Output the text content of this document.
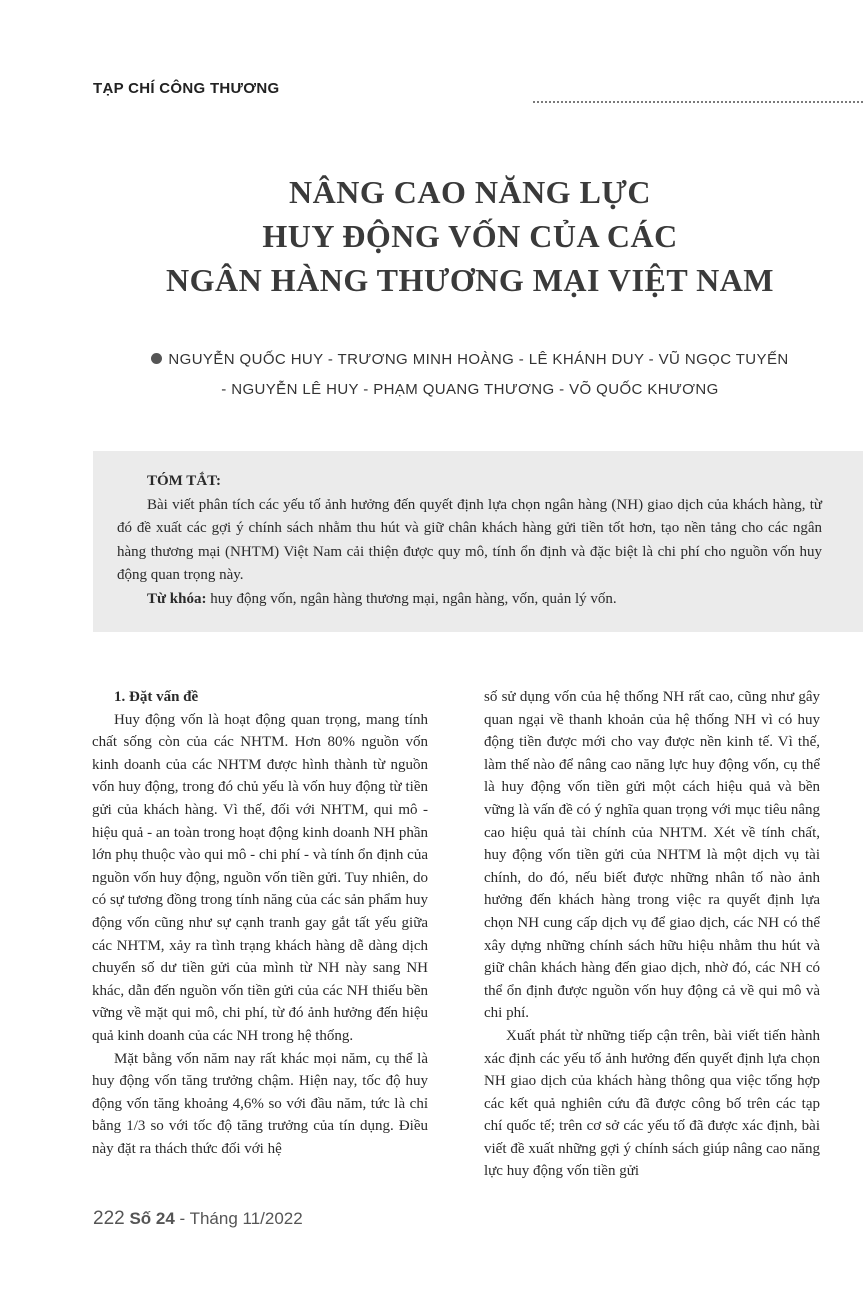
TẠP CHÍ CÔNG THƯƠNG
NÂNG CAO NĂNG LỰC
HUY ĐỘNG VỐN CỦA CÁC
NGÂN HÀNG THƯƠNG MẠI VIỆT NAM
NGUYỄN QUỐC HUY - TRƯƠNG MINH HOÀNG - LÊ KHÁNH DUY - VŨ NGỌC TUYẾN
- NGUYỄN LÊ HUY - PHẠM QUANG THƯƠNG - VÕ QUỐC KHƯƠNG
TÓM TẮT:

Bài viết phân tích các yếu tố ảnh hưởng đến quyết định lựa chọn ngân hàng (NH) giao dịch của khách hàng, từ đó đề xuất các gợi ý chính sách nhằm thu hút và giữ chân khách hàng gửi tiền tốt hơn, tạo nền tảng cho các ngân hàng thương mại (NHTM) Việt Nam cải thiện được quy mô, tính ổn định và đặc biệt là chi phí cho nguồn vốn huy động quan trọng này.

Từ khóa: huy động vốn, ngân hàng thương mại, ngân hàng, vốn, quản lý vốn.

1. Đặt vấn đề

Huy động vốn là hoạt động quan trọng, mang tính chất sống còn của các NHTM. Hơn 80% nguồn vốn kinh doanh của các NHTM được hình thành từ nguồn vốn huy động, trong đó chủ yếu là vốn huy động từ tiền gửi của khách hàng. Vì thế, đối với NHTM, qui mô - hiệu quả - an toàn trong hoạt động kinh doanh NH phần lớn phụ thuộc vào qui mô - chi phí - và tính ổn định của nguồn vốn huy động, nguồn vốn tiền gửi. Tuy nhiên, do có sự tương đồng trong tính năng của các sản phẩm huy động vốn cũng như sự cạnh tranh gay gắt tất yếu giữa các NHTM, xảy ra tình trạng khách hàng dễ dàng dịch chuyển số dư tiền gửi của mình từ NH này sang NH khác, dẫn đến nguồn vốn tiền gửi của các NH thiếu bền vững về mặt qui mô, chi phí, từ đó ảnh hưởng đến hiệu quả kinh doanh của các NH trong hệ thống.

Mặt bằng vốn năm nay rất khác mọi năm, cụ thể là huy động vốn tăng trưởng chậm. Hiện nay, tốc độ huy động vốn tăng khoảng 4,6% so với đầu năm, tức là chỉ bằng 1/3 so với tốc độ tăng trưởng của tín dụng. Điều này đặt ra thách thức đối với hệ

số sử dụng vốn của hệ thống NH rất cao, cũng như gây quan ngại về thanh khoản của hệ thống NH vì có huy động tiền được mới cho vay được nền kinh tế. Vì thế, làm thế nào để nâng cao năng lực huy động vốn, cụ thể là huy động vốn tiền gửi một cách hiệu quả và bền vững là vấn đề có ý nghĩa quan trọng với mục tiêu nâng cao hiệu quả tài chính của NHTM. Xét về tính chất, huy động vốn tiền gửi của NHTM là một dịch vụ tài chính, do đó, nếu biết được những nhân tố nào ảnh hưởng đến khách hàng trong việc ra quyết định lựa chọn NH cung cấp dịch vụ để giao dịch, các NH có thể xây dựng những chính sách hữu hiệu nhằm thu hút và giữ chân khách hàng đến giao dịch, nhờ đó, các NH có thể ổn định được nguồn vốn huy động cả về qui mô và chi phí.

Xuất phát từ những tiếp cận trên, bài viết tiến hành xác định các yếu tố ảnh hưởng đến quyết định lựa chọn NH giao dịch của khách hàng thông qua việc tổng hợp các kết quả nghiên cứu đã được công bố trên các tạp chí quốc tế; trên cơ sở các yếu tố đã được xác định, bài viết đề xuất những gợi ý chính sách giúp nâng cao năng lực huy động vốn tiền gửi

222 Số 24 - Tháng 11/2022
